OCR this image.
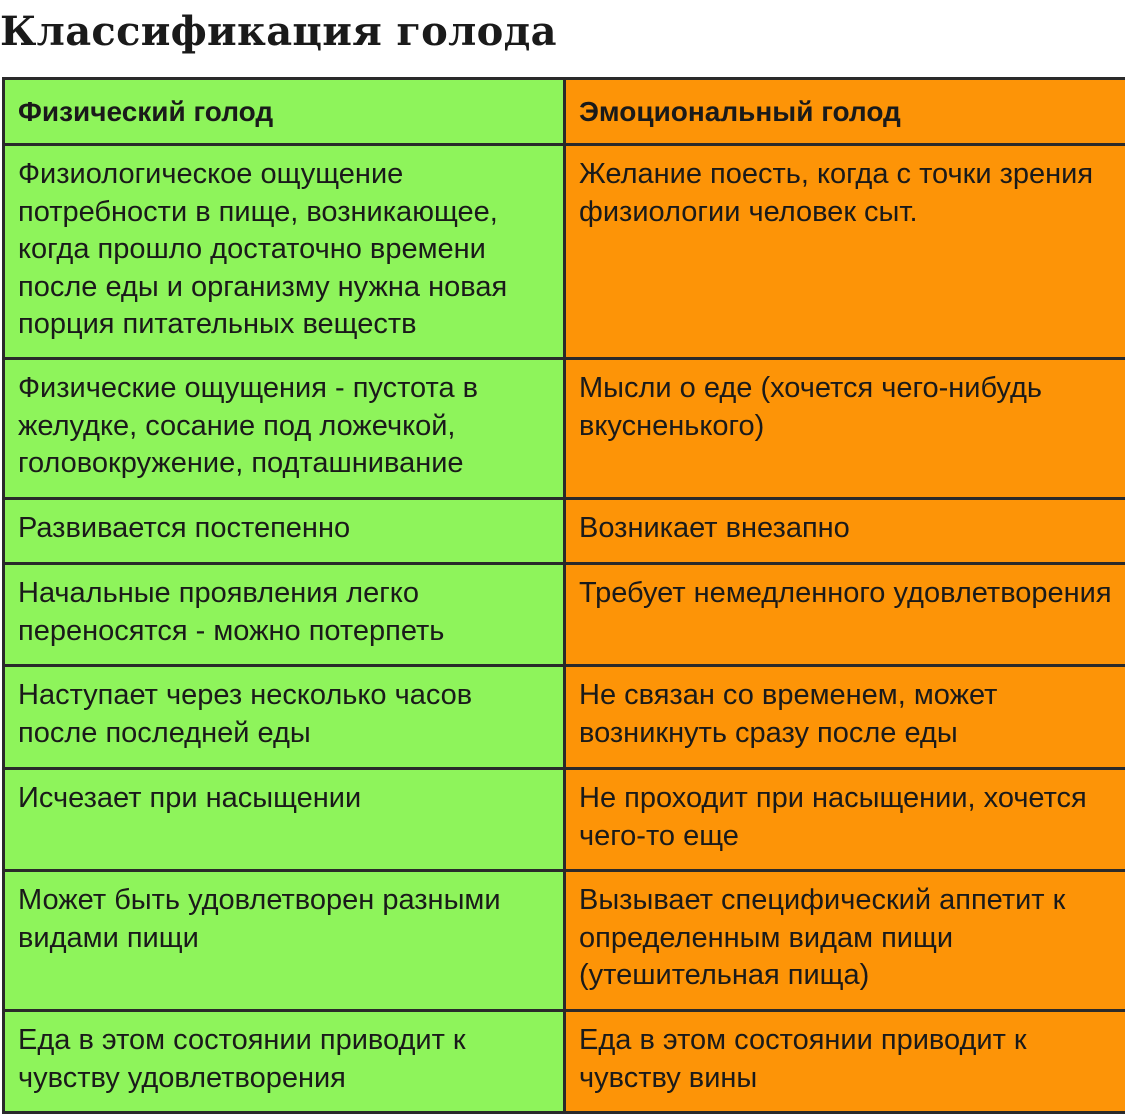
Классификация голода
Физический голод	Эмоциональный голод
Физиологическое ощущение потребности в пище, возникающее, когда прошло достаточно времени после еды и организму нужна новая порция питательных веществ	Желание поесть, когда с точки зрения физиологии человек сыт.
Физические ощущения - пустота в желудке, сосание под ложечкой, головокружение, подташнивание	Мысли о еде (хочется чего-нибудь вкусненького)
Развивается постепенно	Возникает внезапно
Начальные проявления легко переносятся - можно потерпеть	Требует немедленного удовлетворения
Наступает через несколько часов после последней еды	Не связан со временем, может возникнуть сразу после еды
Исчезает при насыщении	Не проходит при насыщении, хочется чего-то еще
Может быть удовлетворен разными видами пищи	Вызывает специфический аппетит к определенным видам пищи (утешительная пища)
Еда в этом состоянии приводит к чувству удовлетворения	Еда в этом состоянии приводит к чувству вины
